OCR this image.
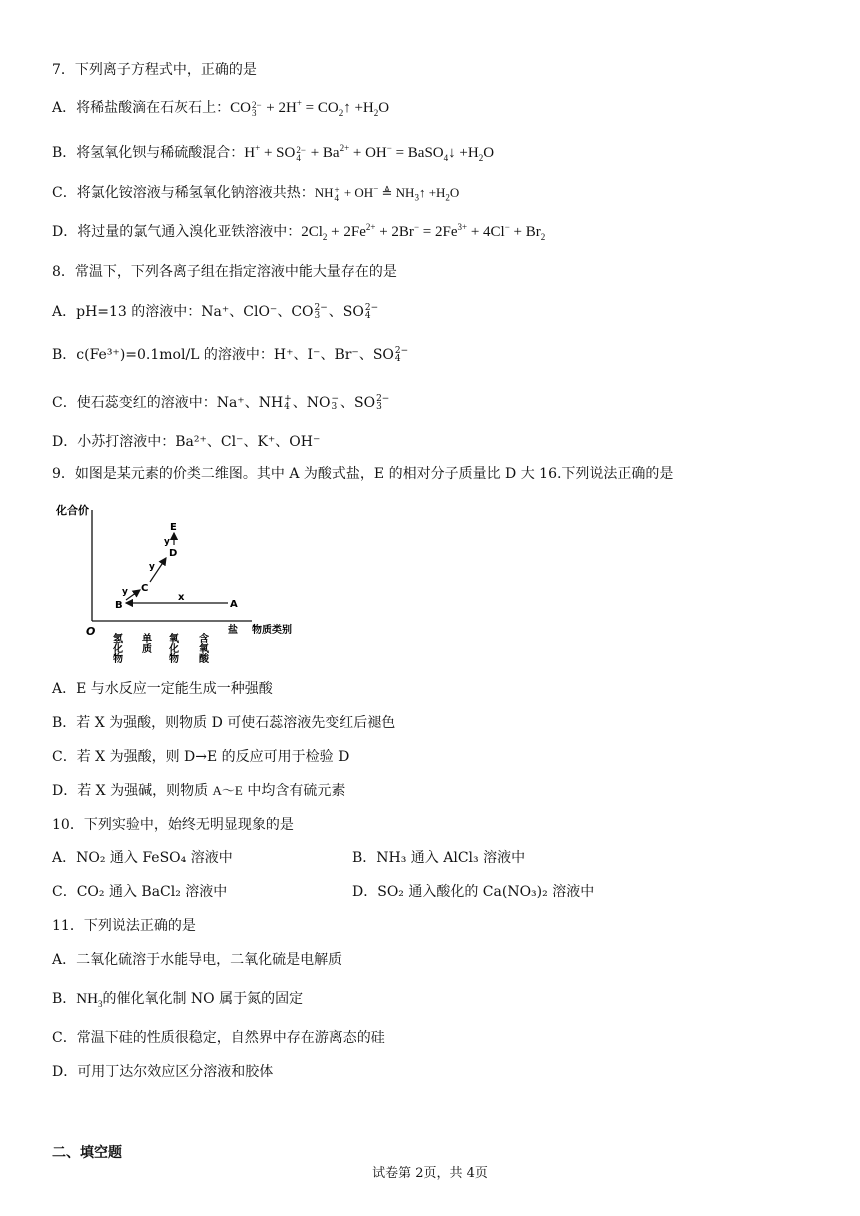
7．下列离子方程式中，正确的是
A．将稀盐酸滴在石灰石上：CO 2−
$3 + 2H^+ = CO_2↑ +H_2O$
B．将氢氧化钡与稀硫酸混合：H+ + SO 2−
$4 + Ba^{2+} + OH^-$ = BaSO$_4$↓ $+H_2O$
C．将氯化铵溶液与稀氢氧化钠溶液共热：NH +
4 + OH− ≜ $NH_3↑ +H_2O$
D．将过量的氯气通入溴化亚铁溶液中：$2Cl_2 + 2Fe^{2+} + 2Br^- = 2Fe^{3+} + 4Cl^- + Br_2$
8．常温下，下列各离子组在指定溶液中能大量存在的是
A．pH=13 的溶液中：Na⁺、ClO⁻、CO 2−
3 、SO 2−
4
B．c(Fe³⁺)=0.1mol/L 的溶液中：H⁺、I⁻、Br⁻、SO 2−
4
C．使石蕊变红的溶液中：Na⁺、NH +
4 、NO −
3 、SO 2−
3
D．小苏打溶液中：Ba²⁺、Cl⁻、K⁺、OH⁻
9．如图是某元素的价类二维图。其中 A 为酸式盐，E 的相对分子质量比 D 大 16.下列说法正确的是
化合价
O	物质类别
氢化物 单质 氧化物 含氧酸
盐
x
y
y
y
A
B
C
D
E
A．E 与水反应一定能生成一种强酸
B．若 X 为强酸，则物质 D 可使石蕊溶液先变红后褪色
C．若 X 为强酸，则 D→E 的反应可用于检验 D
D．若 X 为强碱，则物质 A～E 中均含有硫元素
10．下列实验中，始终无明显现象的是
A．NO₂ 通入 FeSO₄ 溶液中	B．NH₃ 通入 AlCl₃ 溶液中
C．CO₂ 通入 BaCl₂ 溶液中	D．SO₂ 通入酸化的 Ca(NO₃)₂ 溶液中
11．下列说法正确的是
A．二氧化硫溶于水能导电，二氧化硫是电解质
B．$NH_3$的催化氧化制 NO 属于氮的固定
C．常温下硅的性质很稳定，自然界中存在游离态的硅
D．可用丁达尔效应区分溶液和胶体
二、填空题
试卷第 2页，共 4页
